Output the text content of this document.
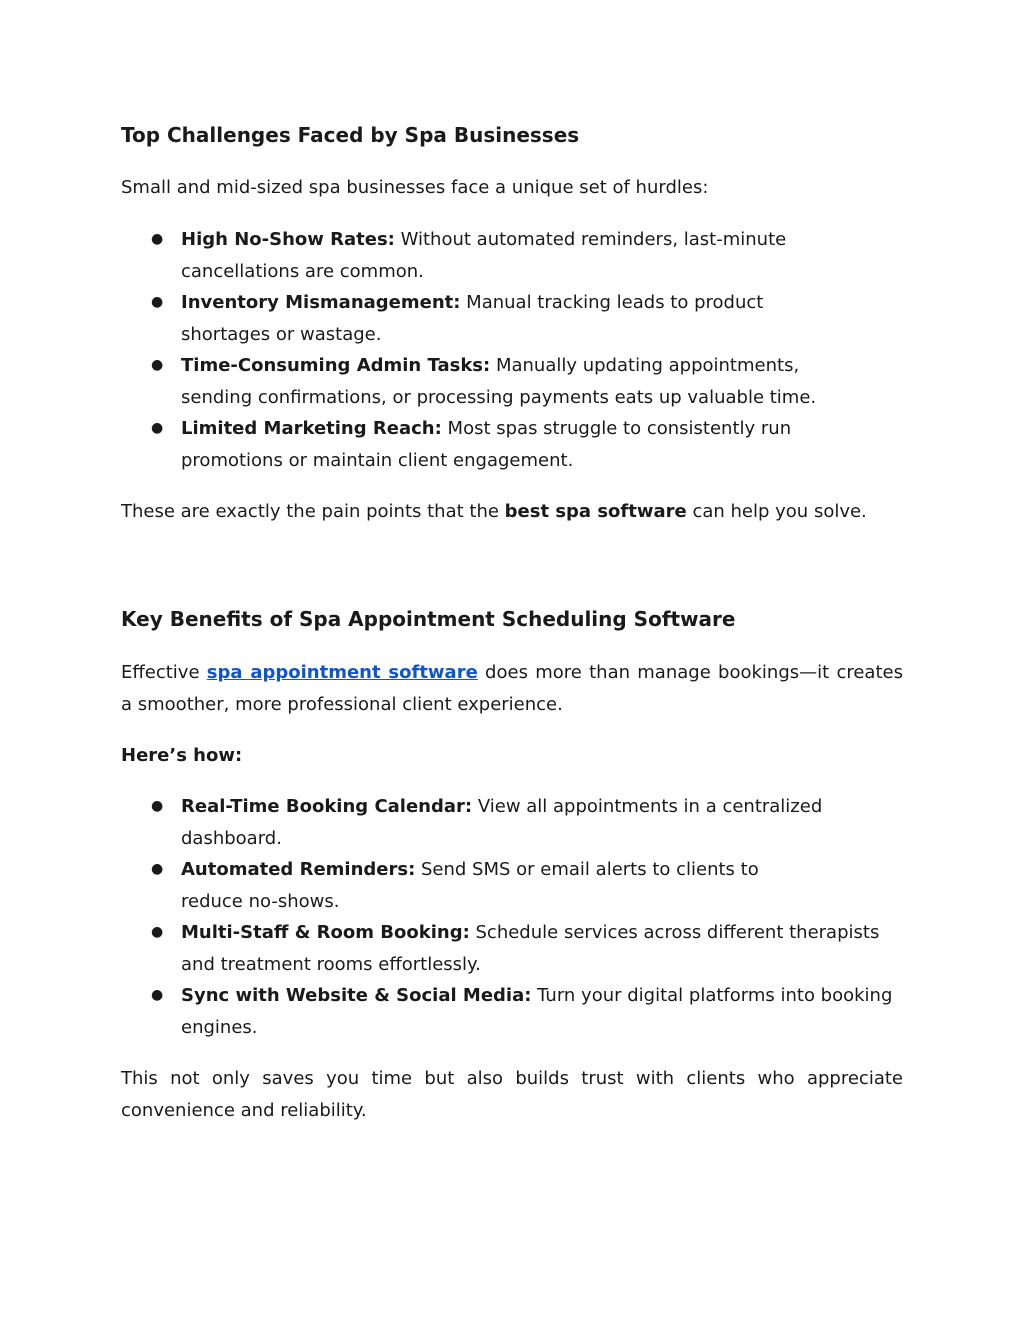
Top Challenges Faced by Spa Businesses

Small and mid-sized spa businesses face a unique set of hurdles:

● High No-Show Rates: Without automated reminders, last-minute cancellations are common.
● Inventory Mismanagement: Manual tracking leads to product shortages or wastage.
● Time-Consuming Admin Tasks: Manually updating appointments, sending confirmations, or processing payments eats up valuable time.
● Limited Marketing Reach: Most spas struggle to consistently run promotions or maintain client engagement.

These are exactly the pain points that the best spa software can help you solve.

Key Benefits of Spa Appointment Scheduling Software

Effective spa appointment software does more than manage bookings—it creates a smoother, more professional client experience.

Here’s how:

● Real-Time Booking Calendar: View all appointments in a centralized dashboard.
● Automated Reminders: Send SMS or email alerts to clients to reduce no-shows.
● Multi-Staff & Room Booking: Schedule services across different therapists and treatment rooms effortlessly.
● Sync with Website & Social Media: Turn your digital platforms into booking engines.

This not only saves you time but also builds trust with clients who appreciate convenience and reliability.
